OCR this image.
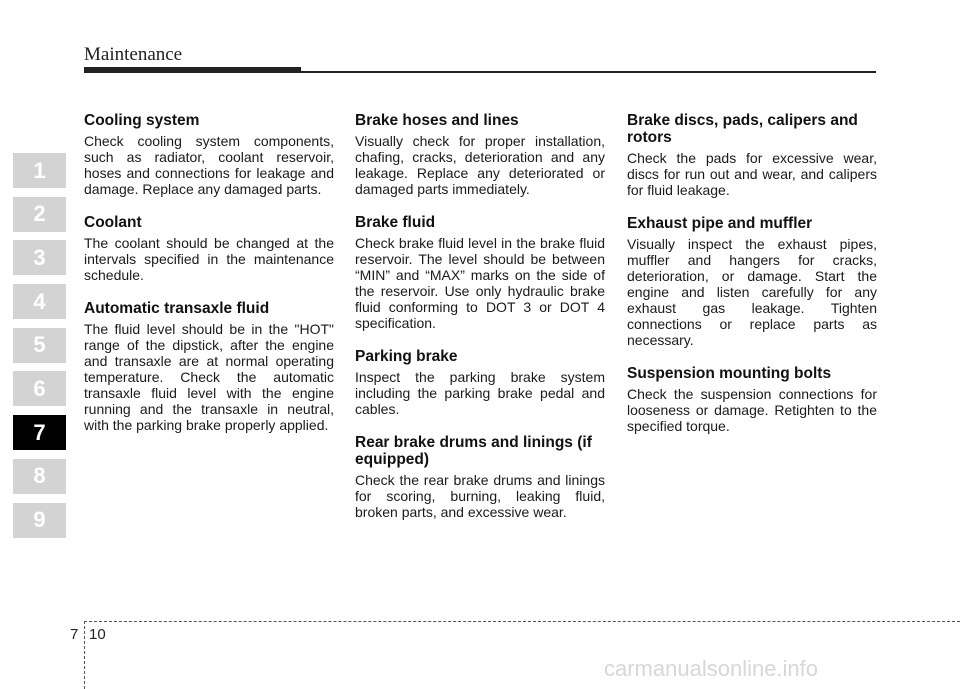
Maintenance
1
2
3
4
5
6
7
8
9
Cooling system

Check cooling system components, such as radiator, coolant reservoir, hoses and connections for leakage and damage. Replace any damaged parts.

Coolant

The coolant should be changed at the intervals specified in the maintenance schedule.

Automatic transaxle fluid

The fluid level should be in the "HOT" range of the dipstick, after the engine and transaxle are at normal operating temperature. Check the automatic transaxle fluid level with the engine running and the transaxle in neutral, with the parking brake properly applied.

Brake hoses and lines

Visually check for proper installation, chafing, cracks, deterioration and any leakage. Replace any deteriorated or damaged parts immediately.

Brake fluid

Check brake fluid level in the brake fluid reservoir. The level should be between “MIN” and “MAX” marks on the side of the reservoir. Use only hydraulic brake fluid conforming to DOT 3 or DOT 4 specification.

Parking brake

Inspect the parking brake system including the parking brake pedal and cables.

Rear brake drums and linings (if equipped)

Check the rear brake drums and linings for scoring, burning, leaking fluid, broken parts, and excessive wear.

Brake discs, pads, calipers and rotors

Check the pads for excessive wear, discs for run out and wear, and calipers for fluid leakage.

Exhaust pipe and muffler

Visually inspect the exhaust pipes, muffler and hangers for cracks, deterioration, or damage. Start the engine and listen carefully for any exhaust gas leakage. Tighten connections or replace parts as necessary.

Suspension mounting bolts

Check the suspension connections for looseness or damage. Retighten to the specified torque.

7 10
carmanualsonline.info
